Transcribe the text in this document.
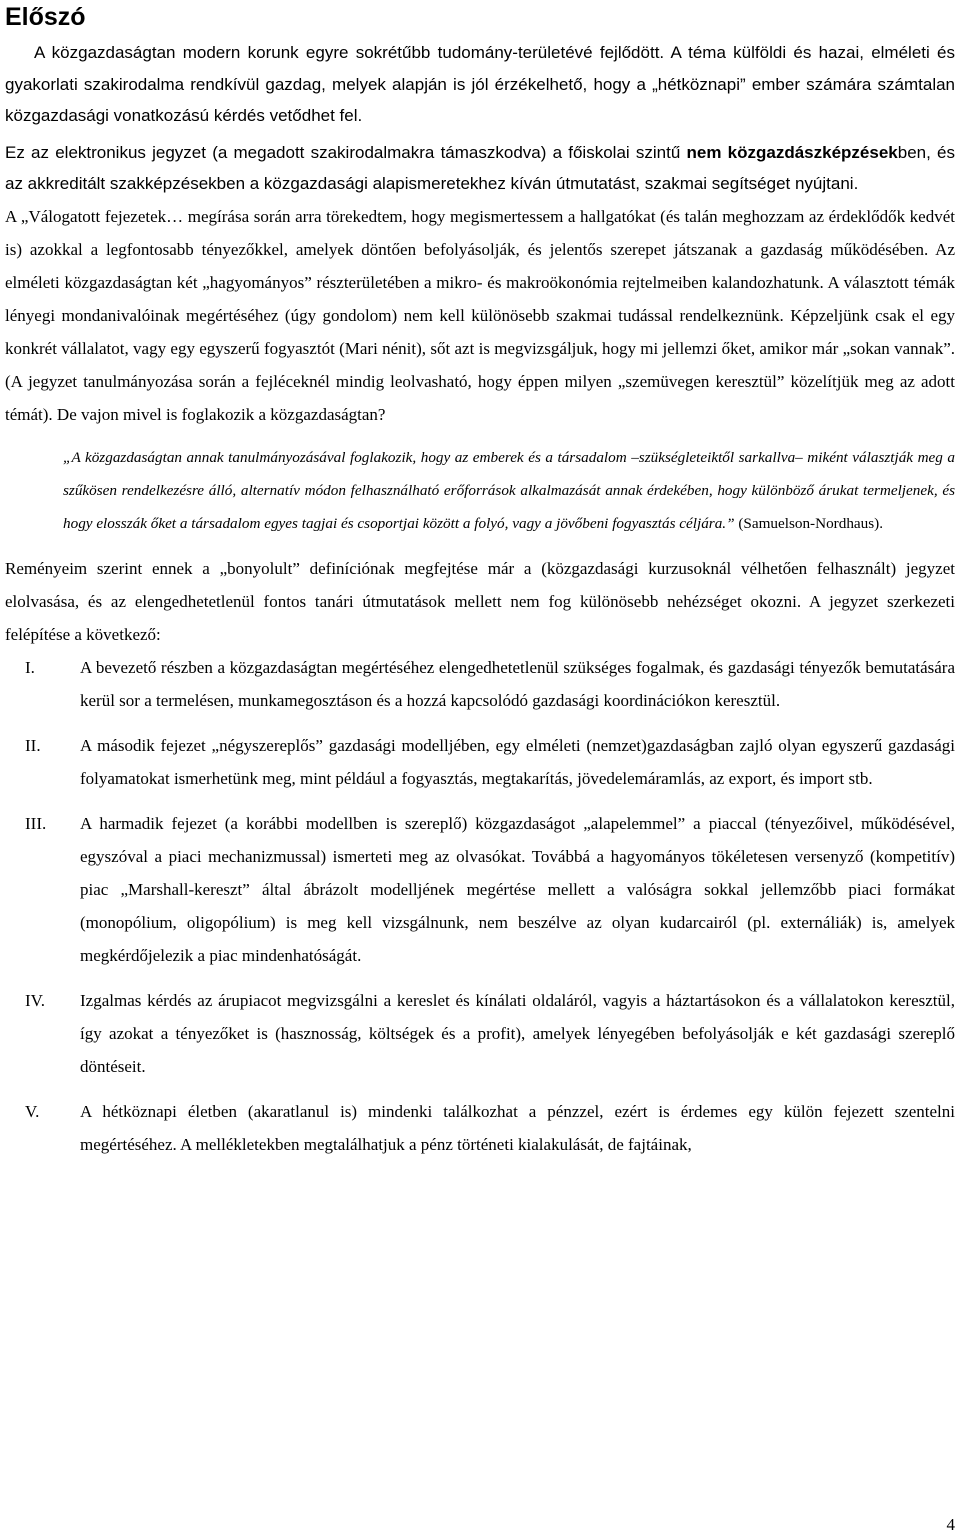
Előszó

A közgazdaságtan modern korunk egyre sokrétűbb tudomány-területévé fejlődött. A téma külföldi és hazai, elméleti és gyakorlati szakirodalma rendkívül gazdag, melyek alapján is jól érzékelhető, hogy a „hétköznapi” ember számára számtalan közgazdasági vonatkozású kérdés vetődhet fel.

Ez az elektronikus jegyzet (a megadott szakirodalmakra támaszkodva) a főiskolai szintű nem közgazdászképzésekben, és az akkreditált szakképzésekben a közgazdasági alapismeretekhez kíván útmutatást, szakmai segítséget nyújtani.

A „Válogatott fejezetek… megírása során arra törekedtem, hogy megismertessem a hallgatókat (és talán meghozzam az érdeklődők kedvét is) azokkal a legfontosabb tényezőkkel, amelyek döntően befolyásolják, és jelentős szerepet játszanak a gazdaság működésében. Az elméleti közgazdaságtan két „hagyományos” részterületében a mikro- és makroökonómia rejtelmeiben kalandozhatunk. A választott témák lényegi mondanivalóinak megértéséhez (úgy gondolom) nem kell különösebb szakmai tudással rendelkeznünk. Képzeljünk csak el egy konkrét vállalatot, vagy egy egyszerű fogyasztót (Mari nénit), sőt azt is megvizsgáljuk, hogy mi jellemzi őket, amikor már „sokan vannak”. (A jegyzet tanulmányozása során a fejléceknél mindig leolvasható, hogy éppen milyen „szemüvegen keresztül” közelítjük meg az adott témát). De vajon mivel is foglakozik a közgazdaságtan?

„A közgazdaságtan annak tanulmányozásával foglakozik, hogy az emberek és a társadalom –szükségleteiktől sarkallva– miként választják meg a szűkösen rendelkezésre álló, alternatív módon felhasználható erőforrások alkalmazását annak érdekében, hogy különböző árukat termeljenek, és hogy elosszák őket a társadalom egyes tagjai és csoportjai között a folyó, vagy a jövőbeni fogyasztás céljára.” (Samuelson-Nordhaus).

Reményeim szerint ennek a „bonyolult” definíciónak megfejtése már a (közgazdasági kurzusoknál vélhetően felhasznált) jegyzet elolvasása, és az elengedhetetlenül fontos tanári útmutatások mellett nem fog különösebb nehézséget okozni. A jegyzet szerkezeti felépítése a következő:

I.	A bevezető részben a közgazdaságtan megértéséhez elengedhetetlenül szükséges fogalmak, és gazdasági tényezők bemutatására kerül sor a termelésen, munkamegosztáson és a hozzá kapcsolódó gazdasági koordinációkon keresztül.
II.	A második fejezet „négyszereplős” gazdasági modelljében, egy elméleti (nemzet)gazdaságban zajló olyan egyszerű gazdasági folyamatokat ismerhetünk meg, mint például a fogyasztás, megtakarítás, jövedelemáramlás, az export, és import stb.
III.	A harmadik fejezet (a korábbi modellben is szereplő) közgazdaságot „alapelemmel” a piaccal (tényezőivel, működésével, egyszóval a piaci mechanizmussal) ismerteti meg az olvasókat. Továbbá a hagyományos tökéletesen versenyző (kompetitív) piac „Marshall-kereszt” által ábrázolt modelljének megértése mellett a valóságra sokkal jellemzőbb piaci formákat (monopólium, oligopólium) is meg kell vizsgálnunk, nem beszélve az olyan kudarcairól (pl. externáliák) is, amelyek megkérdőjelezik a piac mindenhatóságát.
IV.	Izgalmas kérdés az árupiacot megvizsgálni a kereslet és kínálati oldaláról, vagyis a háztartásokon és a vállalatokon keresztül, így azokat a tényezőket is (hasznosság, költségek és a profit), amelyek lényegében befolyásolják e két gazdasági szereplő döntéseit.
V.	A hétköznapi életben (akaratlanul is) mindenki találkozhat a pénzzel, ezért is érdemes egy külön fejezett szentelni megértéséhez. A mellékletekben megtalálhatjuk a pénz történeti kialakulását, de fajtáinak,
4
